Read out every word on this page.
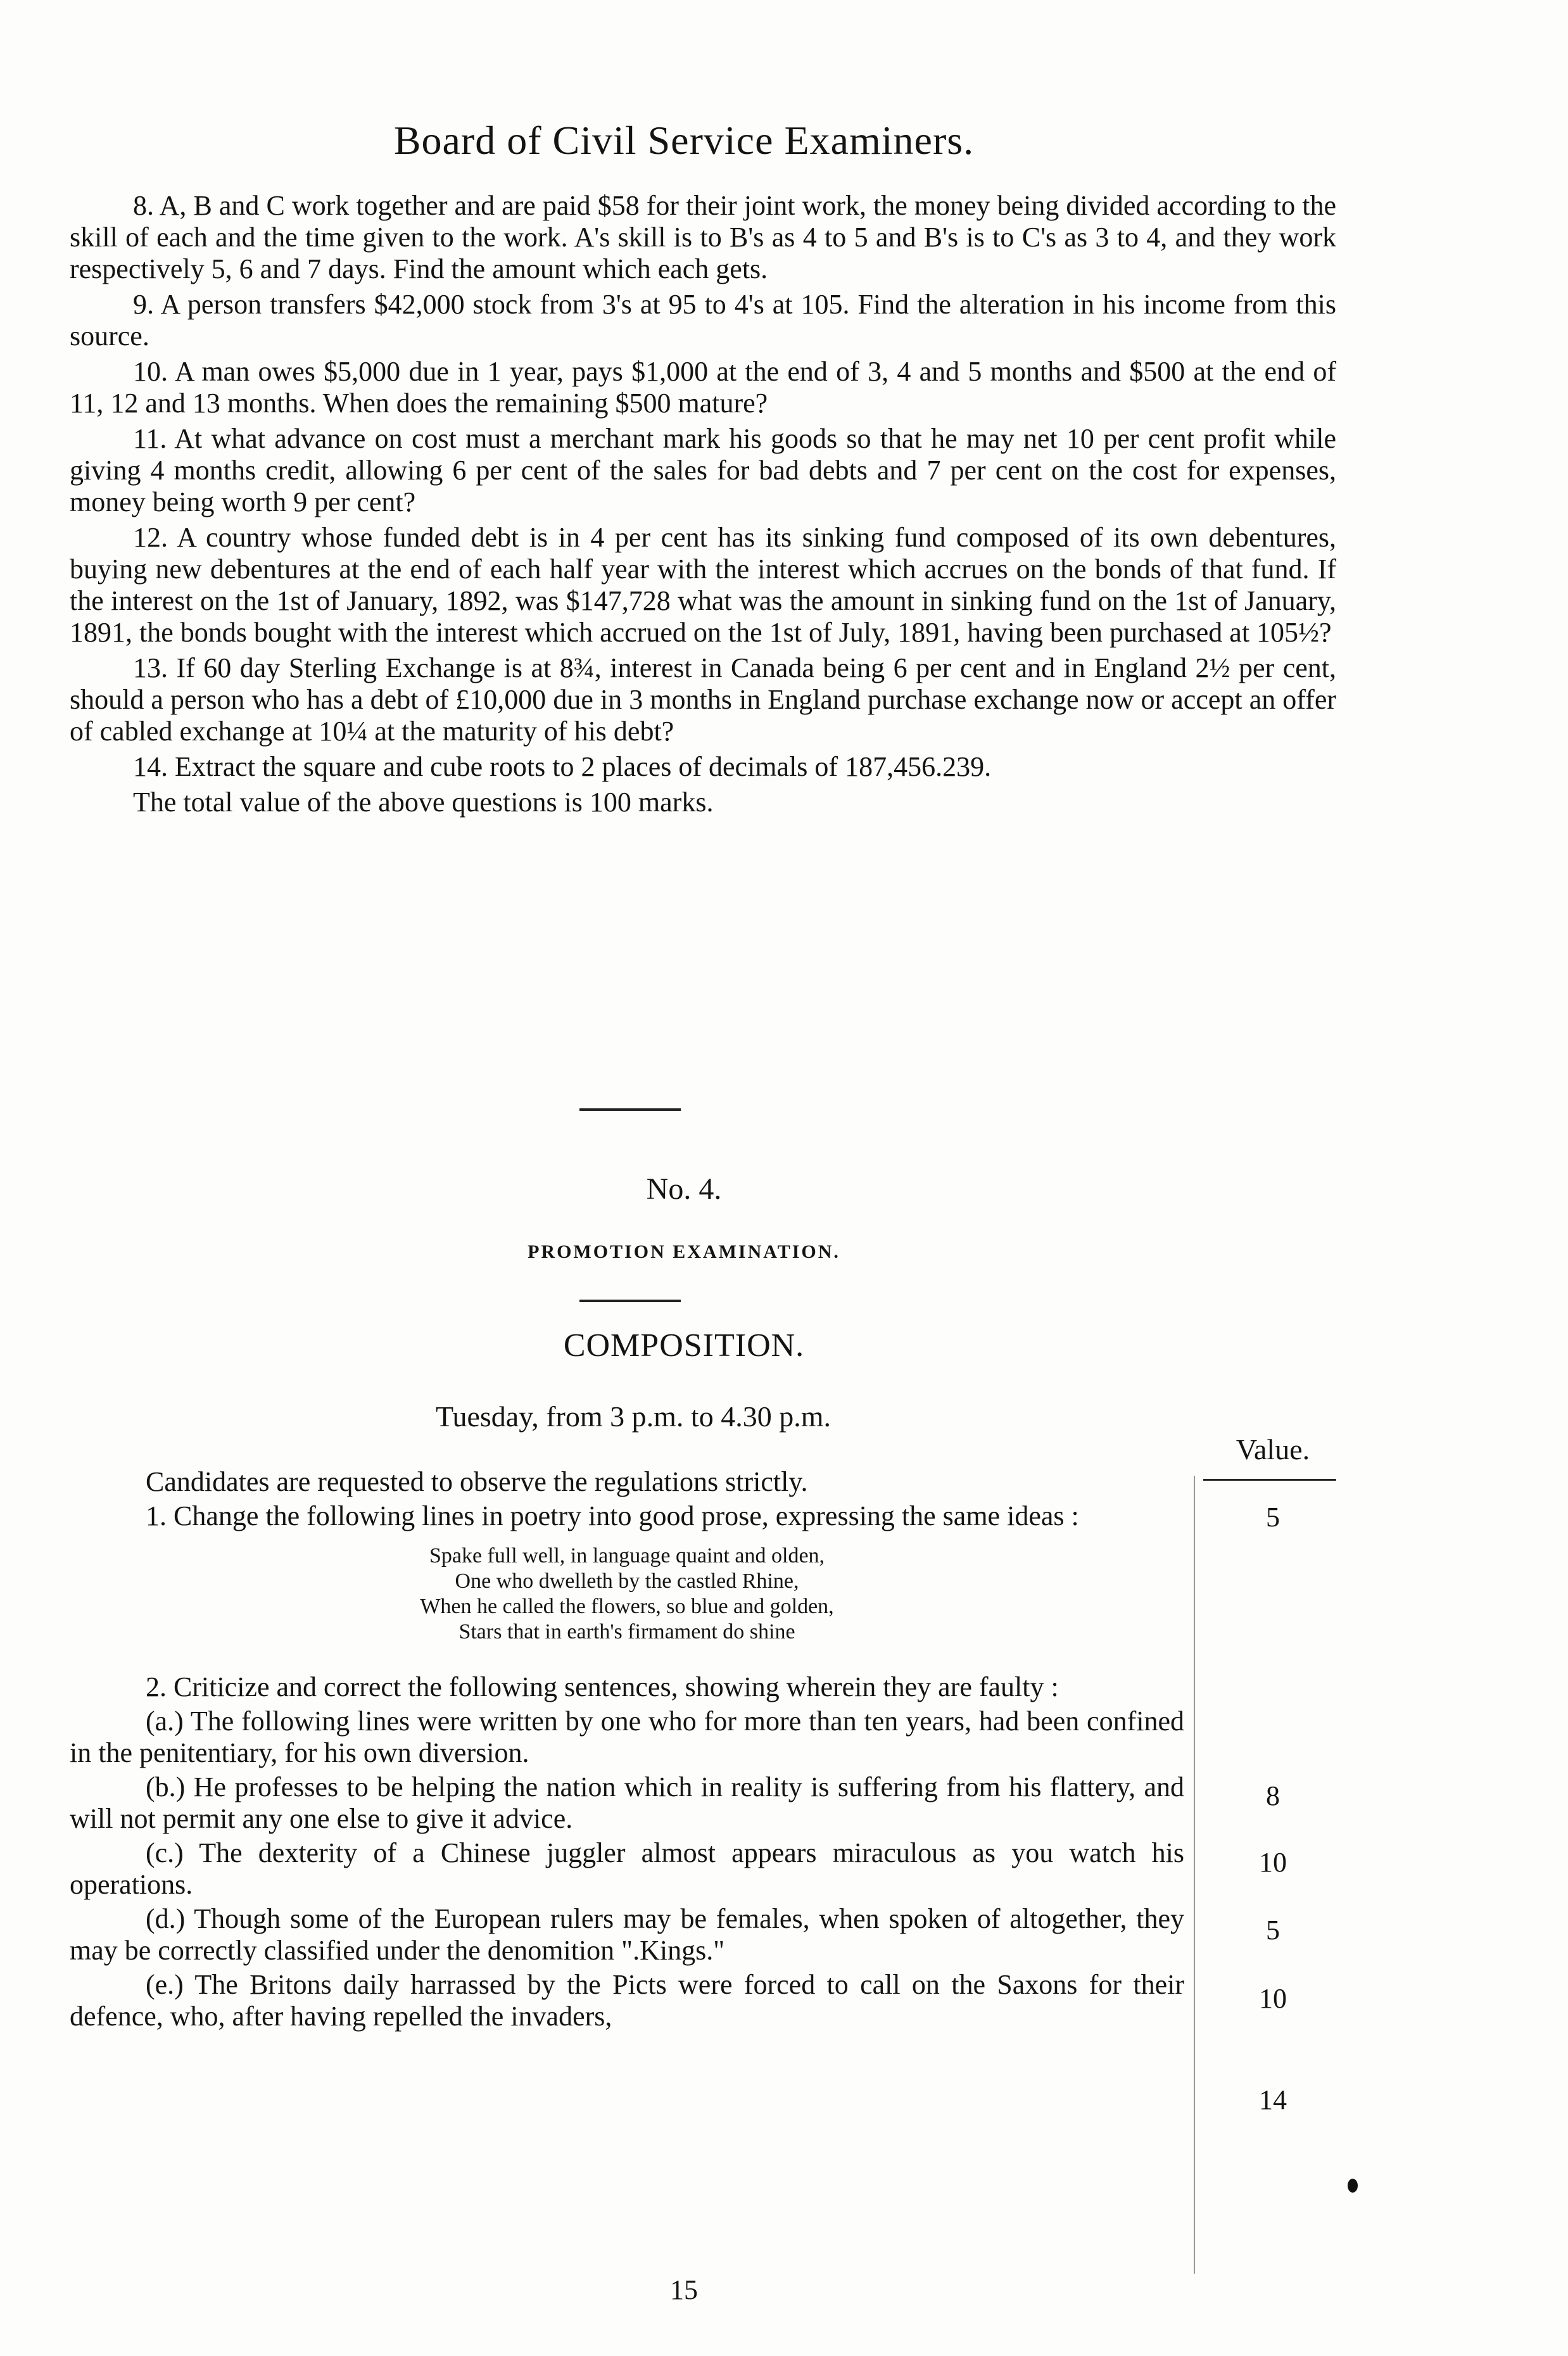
Board of Civil Service Examiners.

8. A, B and C work together and are paid $58 for their joint work, the money being divided according to the skill of each and the time given to the work. A's skill is to B's as 4 to 5 and B's is to C's as 3 to 4, and they work respectively 5, 6 and 7 days. Find the amount which each gets.

9. A person transfers $42,000 stock from 3's at 95 to 4's at 105. Find the alteration in his income from this source.

10. A man owes $5,000 due in 1 year, pays $1,000 at the end of 3, 4 and 5 months and $500 at the end of 11, 12 and 13 months. When does the remaining $500 mature?

11. At what advance on cost must a merchant mark his goods so that he may net 10 per cent profit while giving 4 months credit, allowing 6 per cent of the sales for bad debts and 7 per cent on the cost for expenses, money being worth 9 per cent?

12. A country whose funded debt is in 4 per cent has its sinking fund composed of its own debentures, buying new debentures at the end of each half year with the interest which accrues on the bonds of that fund. If the interest on the 1st of January, 1892, was $147,728 what was the amount in sinking fund on the 1st of January, 1891, the bonds bought with the interest which accrued on the 1st of July, 1891, having been purchased at 105½?

13. If 60 day Sterling Exchange is at 8¾, interest in Canada being 6 per cent and in England 2½ per cent, should a person who has a debt of £10,000 due in 3 months in England purchase exchange now or accept an offer of cabled exchange at 10¼ at the maturity of his debt?

14. Extract the square and cube roots to 2 places of decimals of 187,456.239.

The total value of the above questions is 100 marks.

No. 4.
PROMOTION EXAMINATION.
COMPOSITION.
Tuesday, from 3 p.m. to 4.30 p.m.
Value.

Candidates are requested to observe the regulations strictly.

1. Change the following lines in poetry into good prose, expressing the same ideas :

Spake full well, in language quaint and olden,
One who dwelleth by the castled Rhine,
When he called the flowers, so blue and golden,
Stars that in earth's firmament do shine

2. Criticize and correct the following sentences, showing wherein they are faulty :

(a.) The following lines were written by one who for more than ten years, had been confined in the penitentiary, for his own diversion.

(b.) He professes to be helping the nation which in reality is suffering from his flattery, and will not permit any one else to give it advice.

(c.) The dexterity of a Chinese juggler almost appears miraculous as you watch his operations.

(d.) Though some of the European rulers may be females, when spoken of altogether, they may be correctly classified under the denomition ".Kings."

(e.) The Britons daily harrassed by the Picts were forced to call on the Saxons for their defence, who, after having repelled the invaders,

5
8
10
5
10
14
15
